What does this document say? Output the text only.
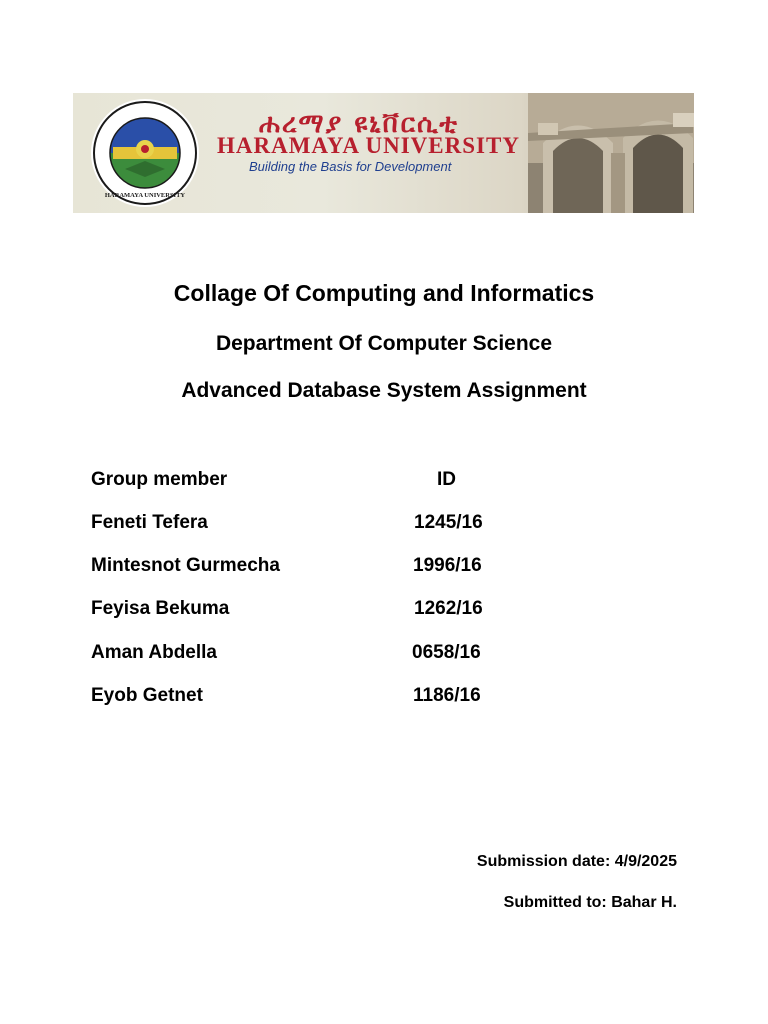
HARAMAYA UNIVERSITY
ሐረማያ ዩኒቨርሲቲ
HARAMAYA UNIVERSITY
Building the Basis for Development
Collage Of Computing and Informatics
Department Of Computer Science
Advanced Database System Assignment
Group member	ID
Feneti Tefera	1245/16
Mintesnot Gurmecha	1996/16
Feyisa Bekuma	1262/16
Aman Abdella	0658/16
Eyob Getnet	1186/16
Submission date: 4/9/2025
Submitted to: Bahar H.
